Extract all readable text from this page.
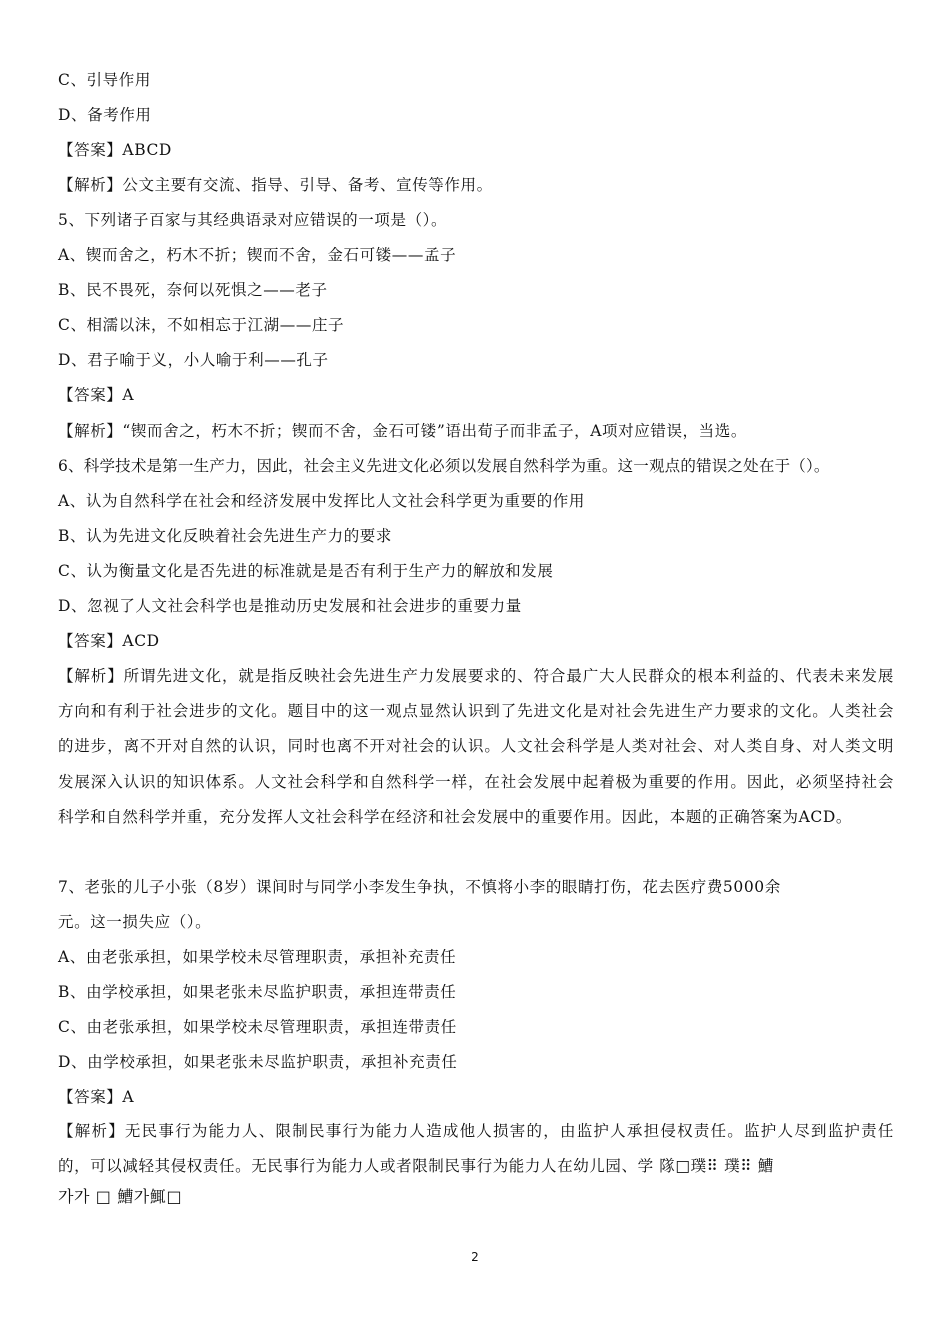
C、引导作用
D、备考作用
【答案】ABCD
【解析】公文主要有交流、指导、引导、备考、宣传等作用。
5、下列诸子百家与其经典语录对应错误的一项是（）。
A、锲而舍之，朽木不折；锲而不舍，金石可镂——孟子
B、民不畏死，奈何以死惧之——老子
C、相濡以沫，不如相忘于江湖——庄子
D、君子喻于义，小人喻于利——孔子
【答案】A
【解析】“锲而舍之，朽木不折；锲而不舍，金石可镂”语出荀子而非孟子，A项对应错误，当选。
6、科学技术是第一生产力，因此，社会主义先进文化必须以发展自然科学为重。这一观点的错误之处在于（）。
A、认为自然科学在社会和经济发展中发挥比人文社会科学更为重要的作用
B、认为先进文化反映着社会先进生产力的要求
C、认为衡量文化是否先进的标准就是是否有利于生产力的解放和发展
D、忽视了人文社会科学也是推动历史发展和社会进步的重要力量
【答案】ACD
【解析】所谓先进文化，就是指反映社会先进生产力发展要求的、符合最广大人民群众的根本利益的、代表未来发展方向和有利于社会进步的文化。题目中的这一观点显然认识到了先进文化是对社会先进生产力要求的文化。人类社会的进步，离不开对自然的认识，同时也离不开对社会的认识。人文社会科学是人类对社会、对人类自身、对人类文明发展深入认识的知识体系。人文社会科学和自然科学一样，在社会发展中起着极为重要的作用。因此，必须坚持社会科学和自然科学并重，充分发挥人文社会科学在经济和社会发展中的重要作用。因此，本题的正确答案为ACD。
7、老张的儿子小张（8岁）课间时与同学小李发生争执，不慎将小李的眼睛打伤，花去医疗费5000余
元。这一损失应（）。
A、由老张承担，如果学校未尽管理职责，承担补充责任
B、由学校承担，如果老张未尽监护职责，承担连带责任
C、由老张承担，如果学校未尽管理职责，承担连带责任
D、由学校承担，如果老张未尽监护职责，承担补充责任
【答案】A
【解析】无民事行为能力人、限制民事行为能力人造成他人损害的，由监护人承担侵权责任。监护人尽到监护责任的，可以减轻其侵权责任。无民事行为能力人或者限制民事行为能力人在幼儿园、学 隊□璞⠿ 璞⠿ 鰽
가가 □ 鰽가鮿□
2
